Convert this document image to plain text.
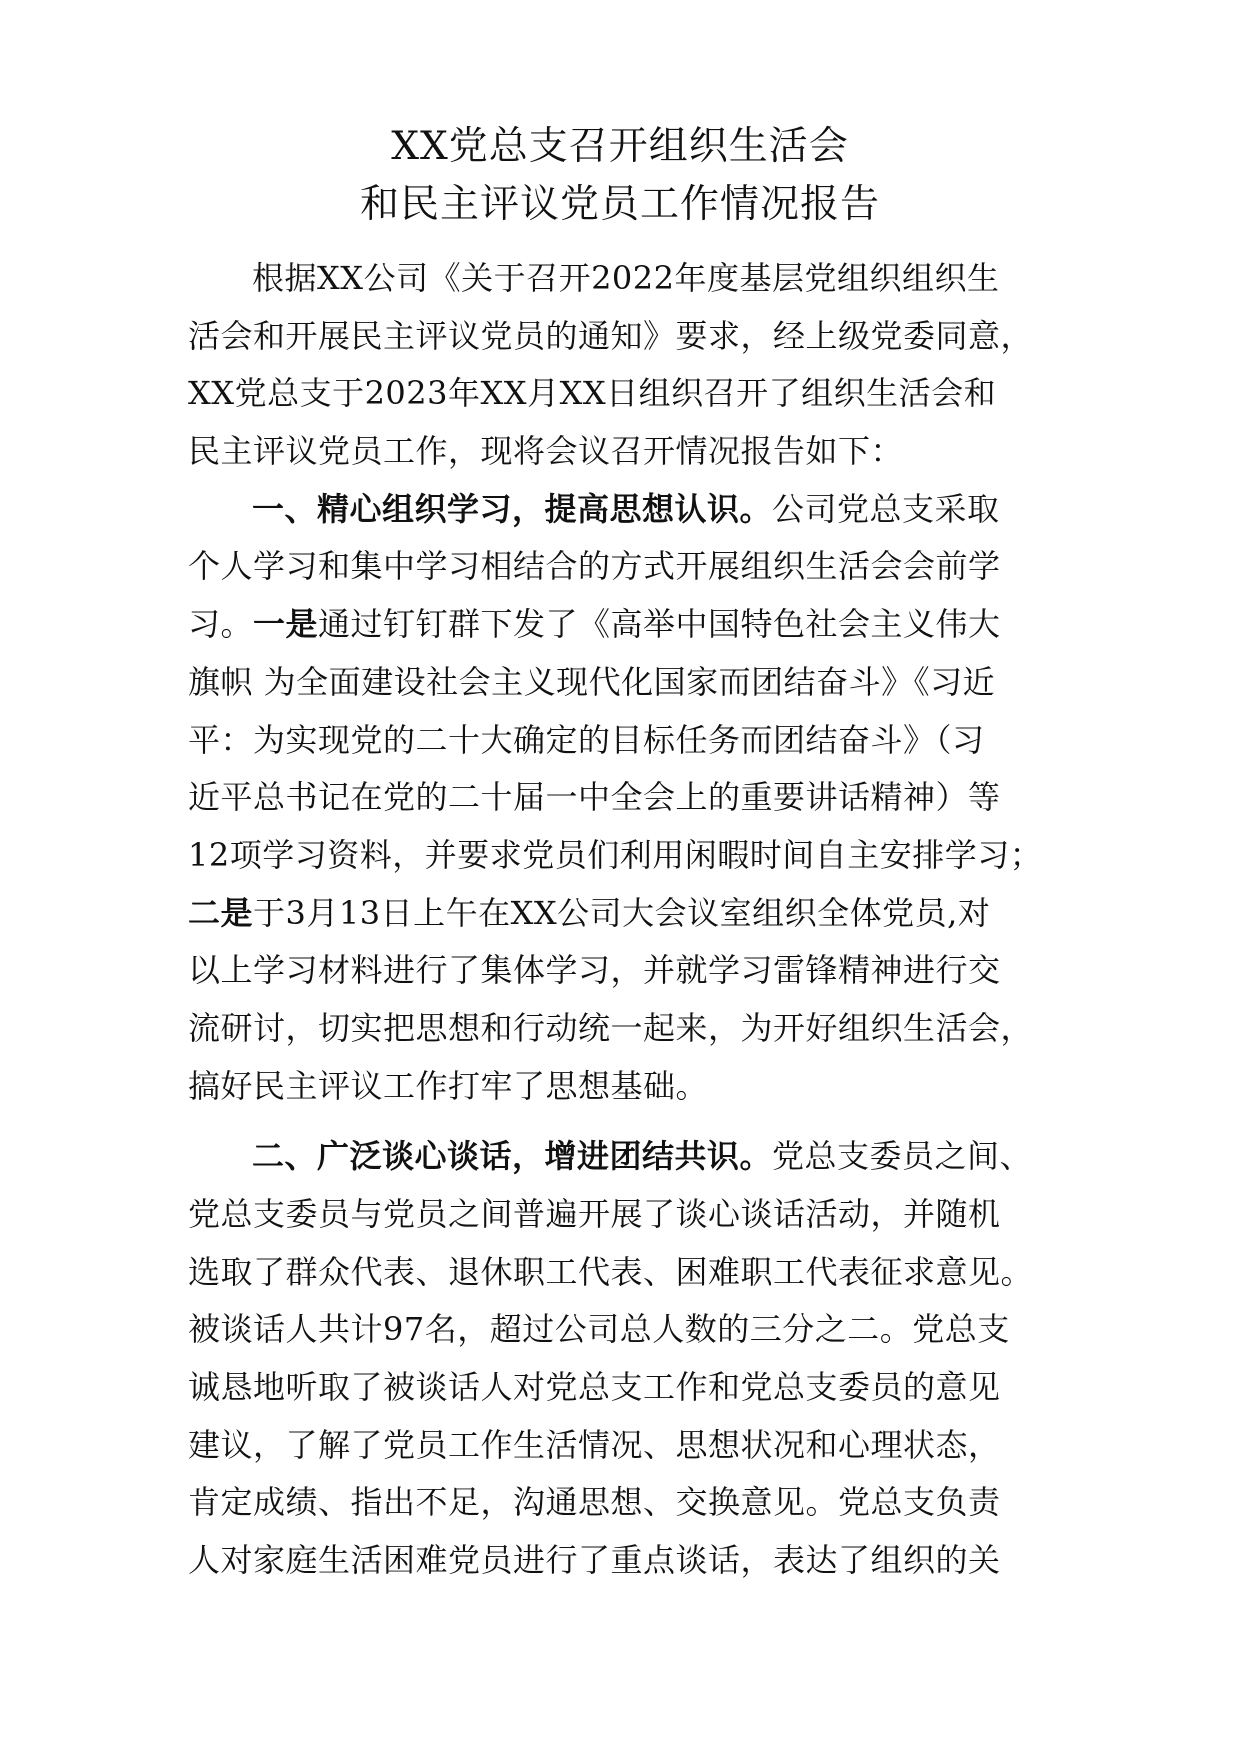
XX党总支召开组织生活会
和民主评议党员工作情况报告
根据XX公司《关于召开2022年度基层党组织组织生
活会和开展民主评议党员的通知》要求，经上级党委同意，
XX党总支于2023年XX月XX日组织召开了组织生活会和
民主评议党员工作，现将会议召开情况报告如下：
一、精心组织学习，提高思想认识。公司党总支采取
个人学习和集中学习相结合的方式开展组织生活会会前学
习。一是通过钉钉群下发了《高举中国特色社会主义伟大
旗帜 为全面建设社会主义现代化国家而团结奋斗》《习近
平：为实现党的二十大确定的目标任务而团结奋斗》（习
近平总书记在党的二十届一中全会上的重要讲话精神）等
12项学习资料，并要求党员们利用闲暇时间自主安排学习；
二是于3月13日上午在XX公司大会议室组织全体党员,对
以上学习材料进行了集体学习，并就学习雷锋精神进行交
流研讨，切实把思想和行动统一起来，为开好组织生活会，
搞好民主评议工作打牢了思想基础。
二、广泛谈心谈话，增进团结共识。党总支委员之间、
党总支委员与党员之间普遍开展了谈心谈话活动，并随机
选取了群众代表、退休职工代表、困难职工代表征求意见。
被谈话人共计97名，超过公司总人数的三分之二。党总支
诚恳地听取了被谈话人对党总支工作和党总支委员的意见
建议，了解了党员工作生活情况、思想状况和心理状态，
肯定成绩、指出不足，沟通思想、交换意见。党总支负责
人对家庭生活困难党员进行了重点谈话，表达了组织的关
